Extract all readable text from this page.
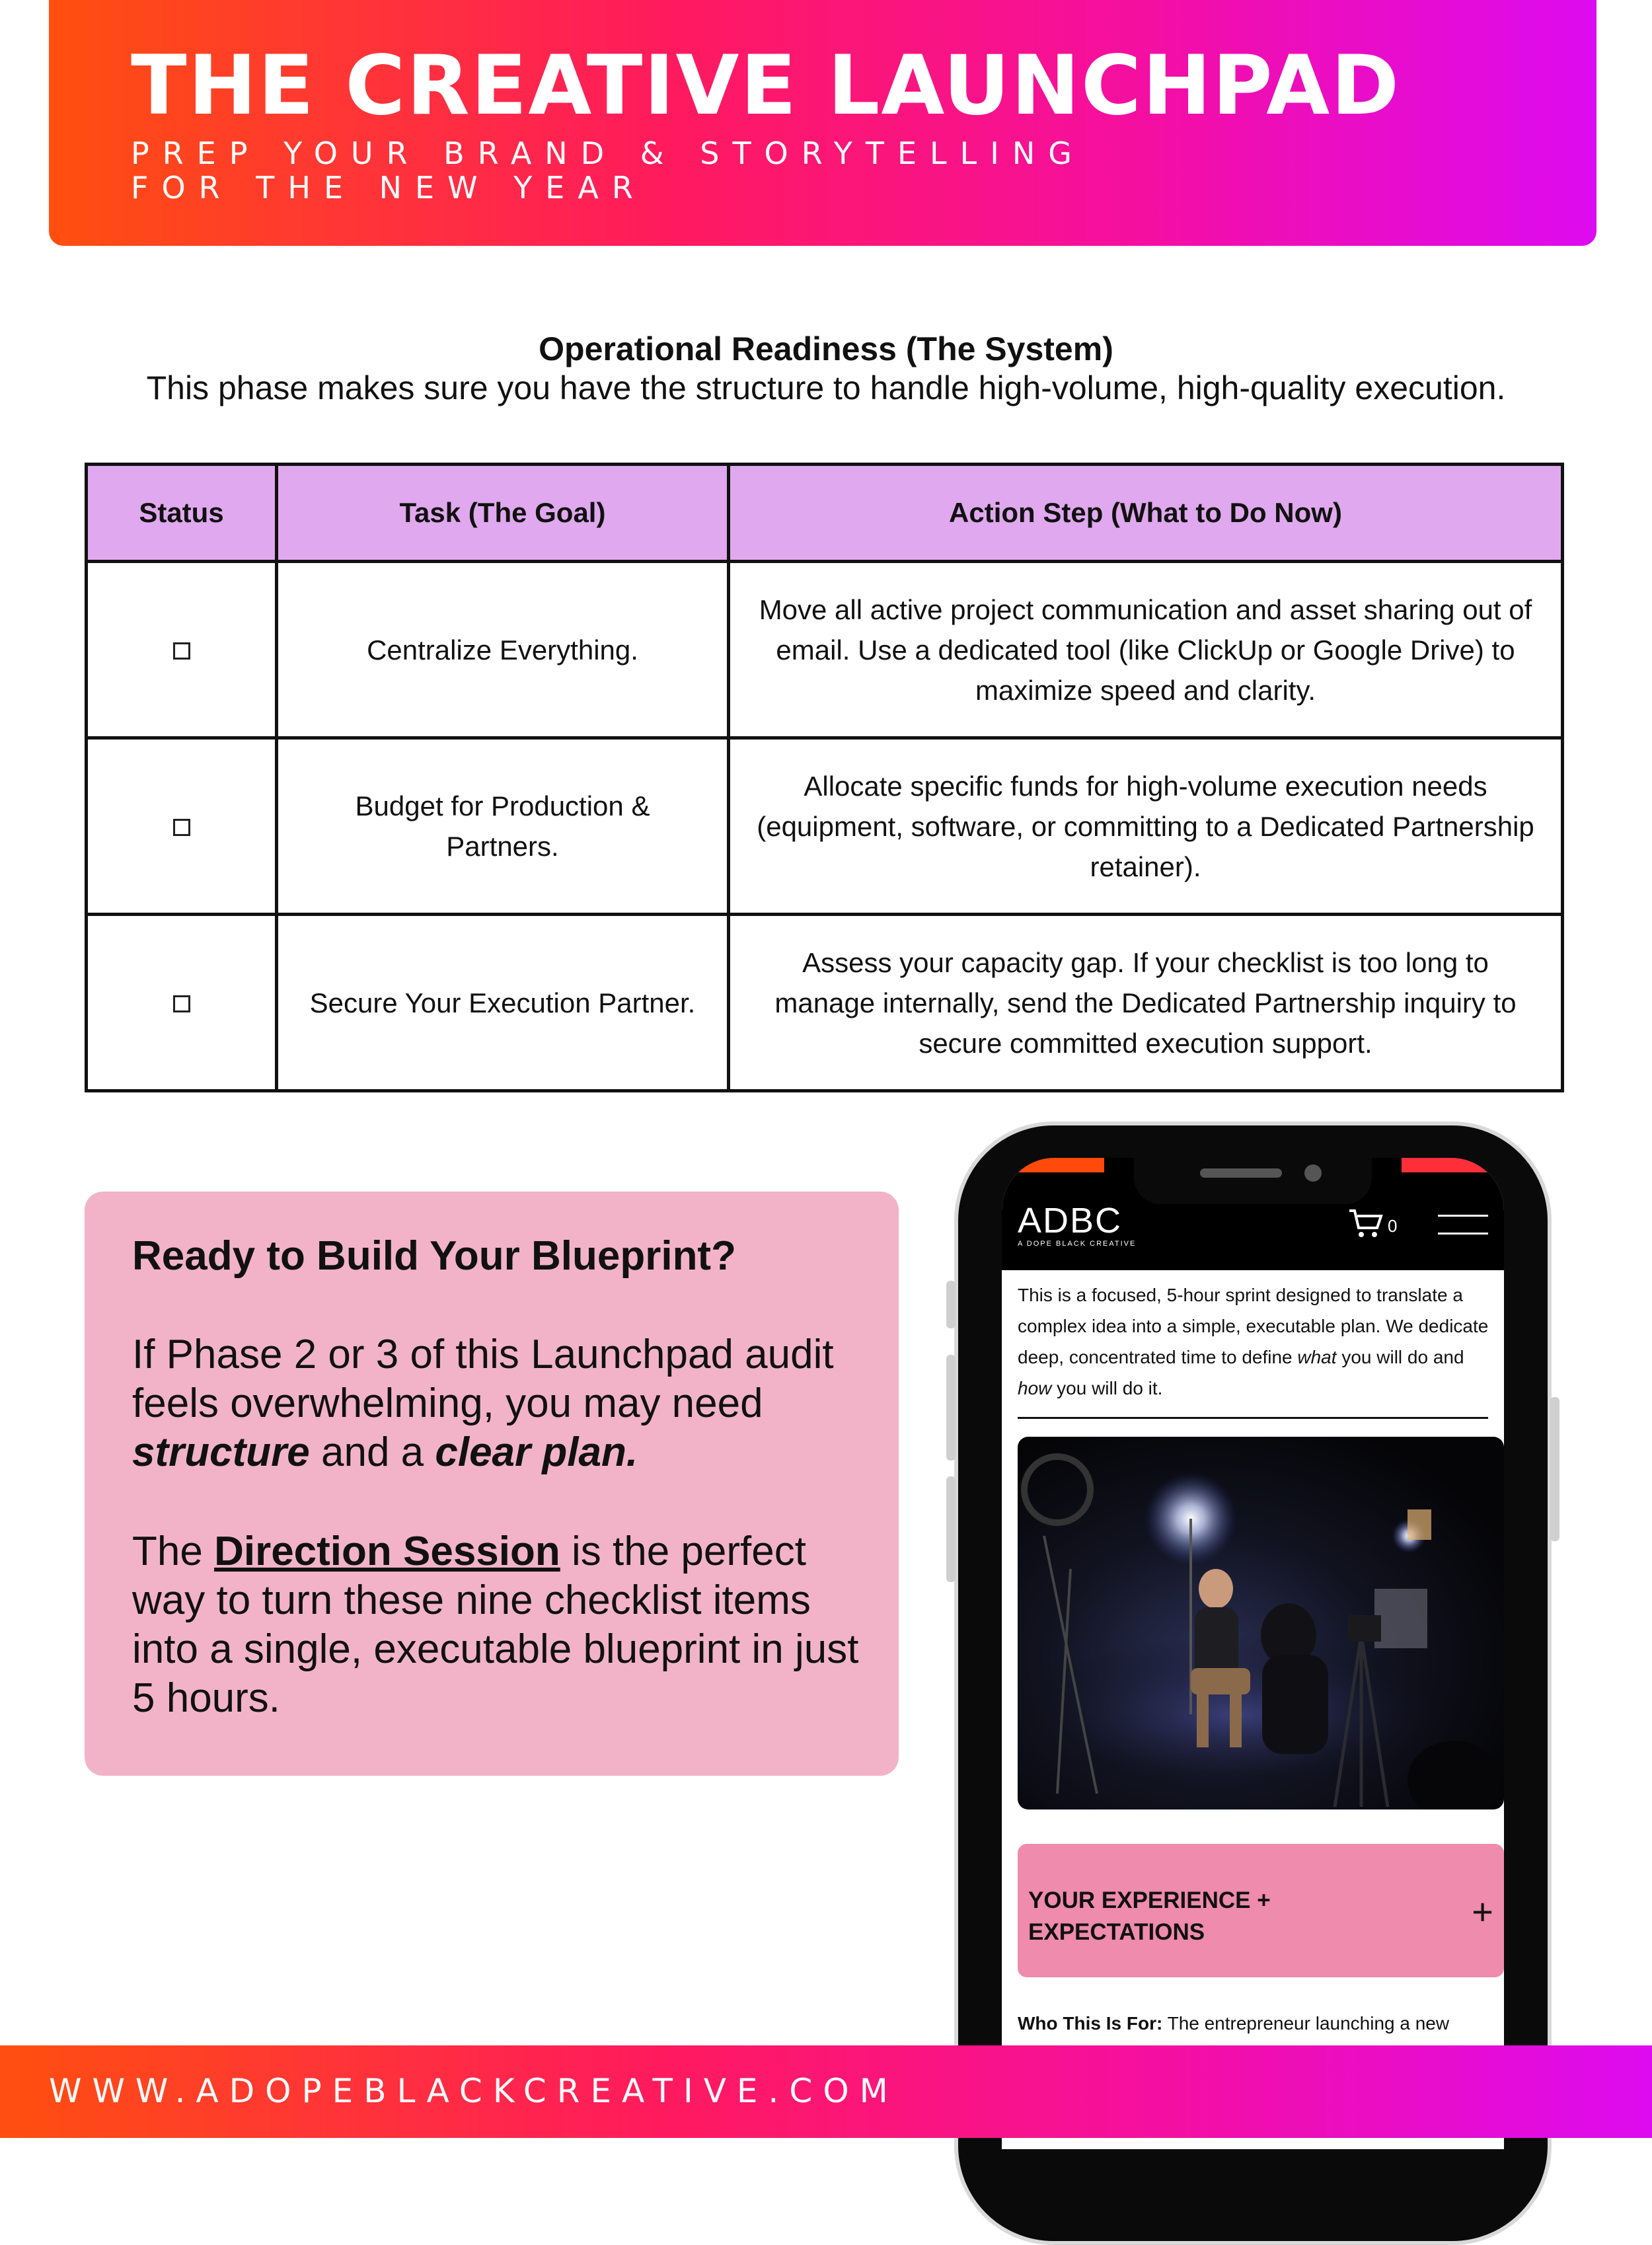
THE CREATIVE LAUNCHPAD
PREP YOUR BRAND & STORYTELLING FOR THE NEW YEAR
Operational Readiness (The System)
This phase makes sure you have the structure to handle high-volume, high-quality execution.
Status	Task (The Goal)	Action Step (What to Do Now)
	Centralize Everything.	Move all active project communication and asset sharing out of email. Use a dedicated tool (like ClickUp or Google Drive) to maximize speed and clarity.
	Budget for Production & Partners.	Allocate specific funds for high-volume execution needs (equipment, software, or committing to a Dedicated Partnership retainer).
	Secure Your Execution Partner.	Assess your capacity gap. If your checklist is too long to manage internally, send the Dedicated Partnership inquiry to secure committed execution support.
Ready to Build Your Blueprint?

If Phase 2 or 3 of this Launchpad audit feels overwhelming, you may need structure and a clear plan.

The Direction Session is the perfect way to turn these nine checklist items into a single, executable blueprint in just 5 hours.

ADBC
A DOPE BLACK CREATIVE
0
This is a focused, 5-hour sprint designed to translate a complex idea into a simple, executable plan. We dedicate deep, concentrated time to define what you will do and how you will do it.
YOUR EXPERIENCE + EXPECTATIONS	+
Who This Is For: The entrepreneur launching a new
WWW.ADOPEBLACKCREATIVE.COM
